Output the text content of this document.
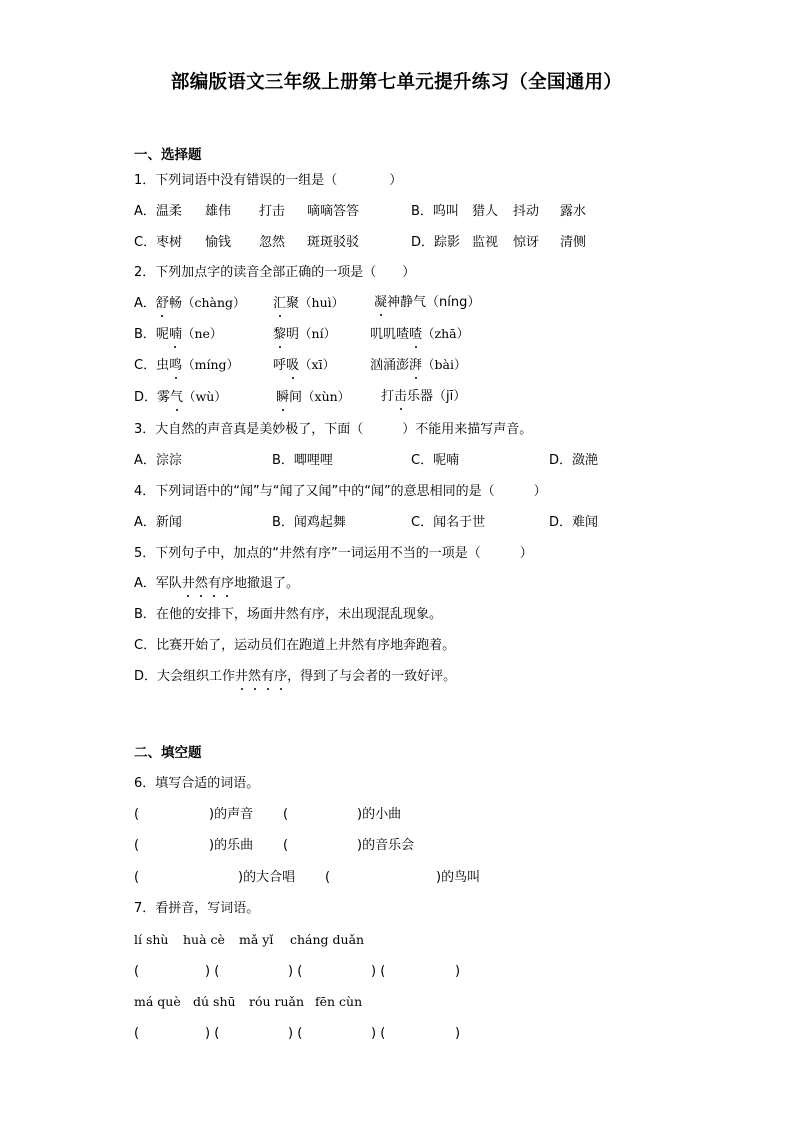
部编版语文三年级上册第七单元提升练习（全国通用）
一、选择题
1．下列词语中没有错误的一组是（　　　　）
A．温柔 雄伟 打击 嘀嘀答答	B．呜叫 猎人 抖动 露水
C．枣树 愉钱 忽然 斑斑驳驳	D．踪影 监视 惊讶 清侧
2．下列加点字的读音全部正确的一项是（　　）
A．舒畅（chàng） 汇聚（huì） 凝神静气（níng）
B．呢喃（ne）	黎明（ní）	叽叽喳喳（zhā）
C．虫鸣（míng）	呼吸（xī）	汹涌澎湃（bài）
D．雾气（wù）	瞬间（xùn） 打击乐器（jī）
3．大自然的声音真是美妙极了，下面（　　　）不能用来描写声音。
A．淙淙	B．唧哩哩	C．呢喃	D．潋滟
4．下列词语中的“闻”与“闻了又闻”中的“闻”的意思相同的是（　　　）
A．新闻	B．闻鸡起舞	C．闻名于世	D．难闻
5．下列句子中，加点的“井然有序”一词运用不当的一项是（　　　）
A．军队井然有序地撤退了。
B．在他的安排下，场面井然有序，未出现混乱现象。
C．比赛开始了，运动员们在跑道上井然有序地奔跑着。
D．大会组织工作井然有序，得到了与会者的一致好评。
二、填空题
6．填写合适的词语。
(	)的声音 (	)的小曲
(	)的乐曲 (	)的音乐会
(	)的大合唱 (	)的鸟叫
7．看拼音，写词语。
lí shù huà cè mǎ yǐ cháng duǎn
(	) (	) (	) (	)
má què dú shū róu ruǎn fēn cùn
(	) (	) (	) (	)
